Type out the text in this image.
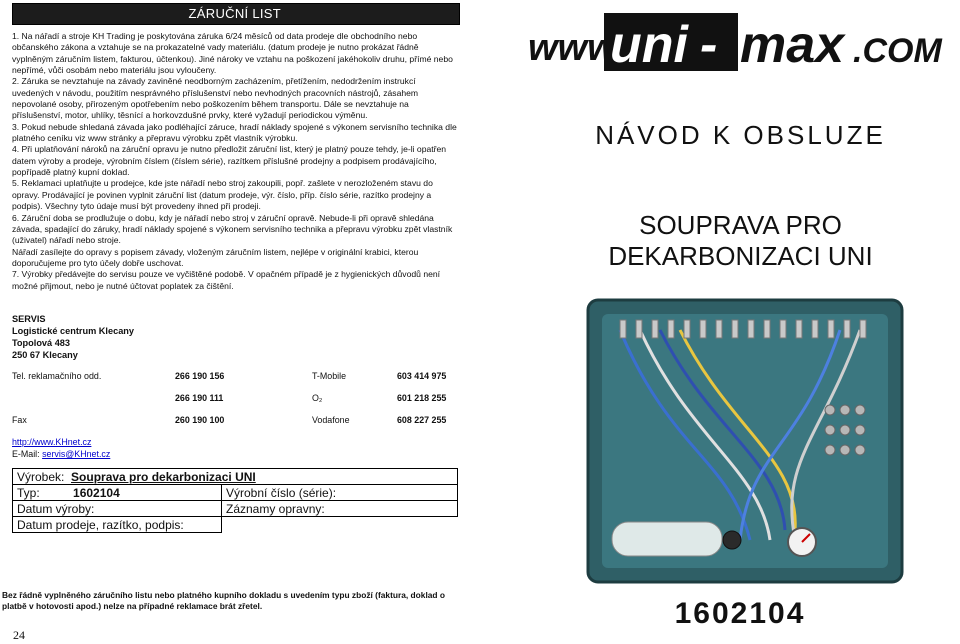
ZÁRUČNÍ LIST
1. Na nářadí a stroje KH Trading je poskytována záruka 6/24 měsíců od data prodeje dle obchodního nebo občanského zákona a vztahuje se na prokazatelné vady materiálu. (datum prodeje je nutno prokázat řádně vyplněným záručním listem, fakturou, účtenkou). Jiné nároky ve vztahu na poškození jakéhokoliv druhu, přímé nebo nepřímé, vůči osobám nebo materiálu jsou vyloučeny.
2. Záruka se nevztahuje na závady zaviněné neodborným zacházením, přetížením, nedodržením instrukcí uvedených v návodu, použitím nesprávného příslušenství nebo nevhodných pracovních nástrojů, zásahem nepovolané osoby, přirozeným opotřebením nebo poškozením během transportu. Dále se nevztahuje na příslušenství, motor, uhlíky, těsnící a horkovzdušné prvky, které vyžadují periodickou výměnu.
3. Pokud nebude shledaná závada jako podléhající záruce, hradí náklady spojené s výkonem servisního technika dle platného ceníku viz www stránky a přepravu výrobku zpět vlastník výrobku.
4. Při uplatňování nároků na záruční opravu je nutno předložit záruční list, který je platný pouze tehdy, je-li opatřen datem výroby a prodeje, výrobním číslem (číslem série), razítkem příslušné prodejny a podpisem prodávajícího, popřípadě platný kupní doklad.
5. Reklamaci uplatňujte u prodejce, kde jste nářadí nebo stroj zakoupili, popř. zašlete v nerozloženém stavu do opravy. Prodávající je povinen vyplnit záruční list (datum prodeje, výr. číslo, příp. číslo série, razítko prodejny a podpis). Všechny tyto údaje musí být provedeny ihned při prodeji.
6. Záruční doba se prodlužuje o dobu, kdy je nářadí nebo stroj v záruční opravě. Nebude-li při opravě shledána závada, spadající do záruky, hradí náklady spojené s výkonem servisního technika a přepravu výrobku zpět vlastník (uživatel) nářadí nebo stroje.
Nářadí zasílejte do opravy s popisem závady, vloženým záručním listem, nejlépe v originální krabici, kterou doporučujeme pro tyto účely dobře uschovat.
7. Výrobky předávejte do servisu pouze ve vyčištěné podobě. V opačném případě je z hygienických důvodů není možné přijmout, nebo je nutné účtovat poplatek za čištění.
SERVIS
Logistické centrum Klecany
Topolová 483
250 67 Klecany
Tel. reklamačního odd.	266 190 156	T-Mobile	603 414 975
266 190 111	O₂	601 218 255
Fax	260 190 100	Vodafone	608 227 255
http://www.KHnet.cz
E-Mail: servis@KHnet.cz
Výrobek: Souprava pro dekarbonizaci UNI	
Typ: 1602104	Výrobní číslo (série):
Datum výroby:	Záznamy opravny:
Datum prodeje, razítko, podpis:	
Bez řádně vyplněného záručního listu nebo platného kupního dokladu s uvedením typu zboží (faktura, doklad o platbě v hotovosti apod.) nelze na případné reklamace brát zřetel.
24
www.
uni - max .COM
NÁVOD K OBSLUZE
SOUPRAVA PRO
DEKARBONIZACI UNI
1602104
